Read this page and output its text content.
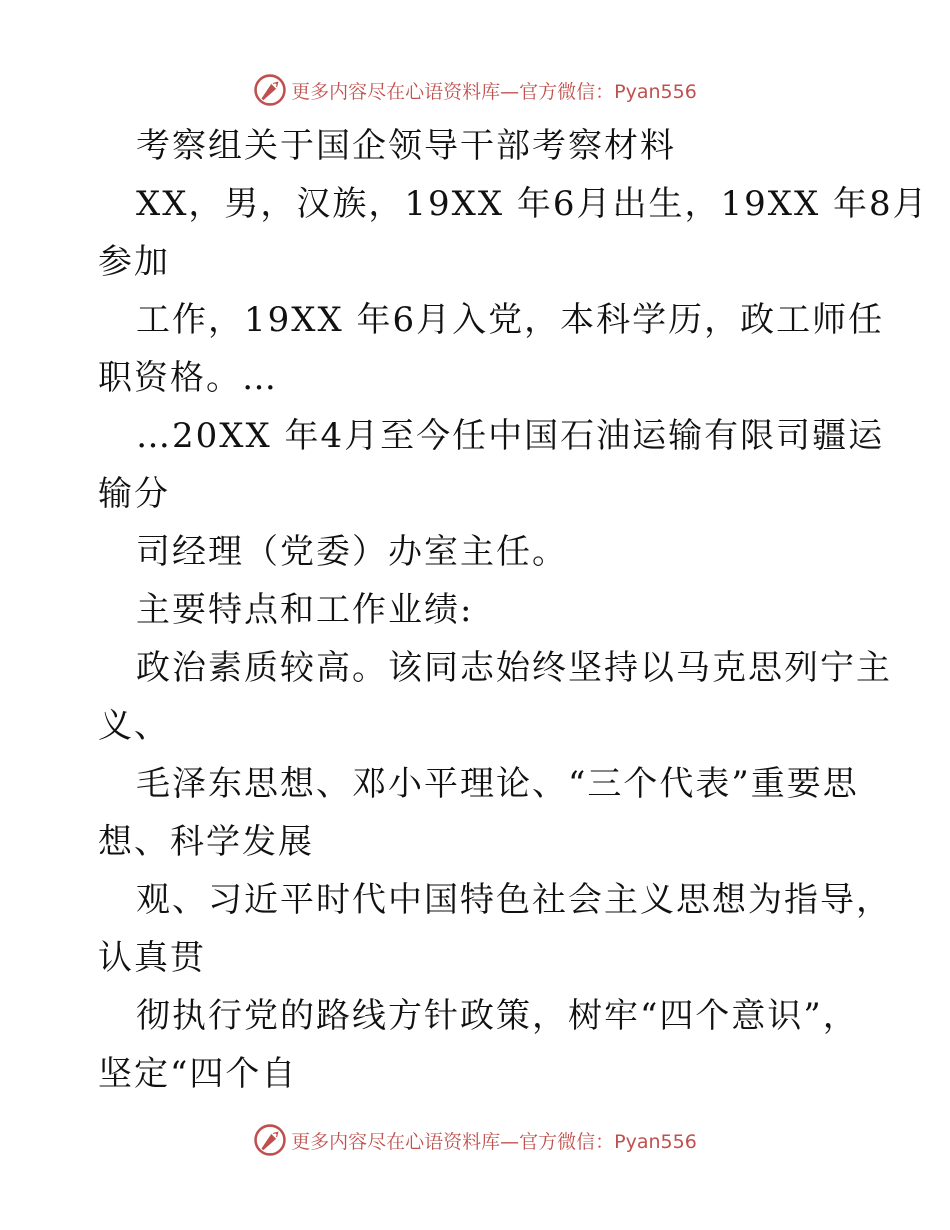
更多内容尽在心语资料库—官方微信：Pyan556
考察组关于国企领导干部考察材料
XX，男，汉族，19XX 年6月出生，19XX 年8月
参加
工作，19XX 年6月入党，本科学历，政工师任
职资格。…
…20XX 年4月至今任中国石油运输有限司疆运
输分
司经理（党委）办室主任。
主要特点和工作业绩:
政治素质较高。该同志始终坚持以马克思列宁主
义、
毛泽东思想、邓小平理论、“三个代表”重要思
想、科学发展
观、习近平时代中国特色社会主义思想为指导，
认真贯
彻执行党的路线方针政策，树牢“四个意识”，
坚定“四个自
更多内容尽在心语资料库—官方微信：Pyan556
